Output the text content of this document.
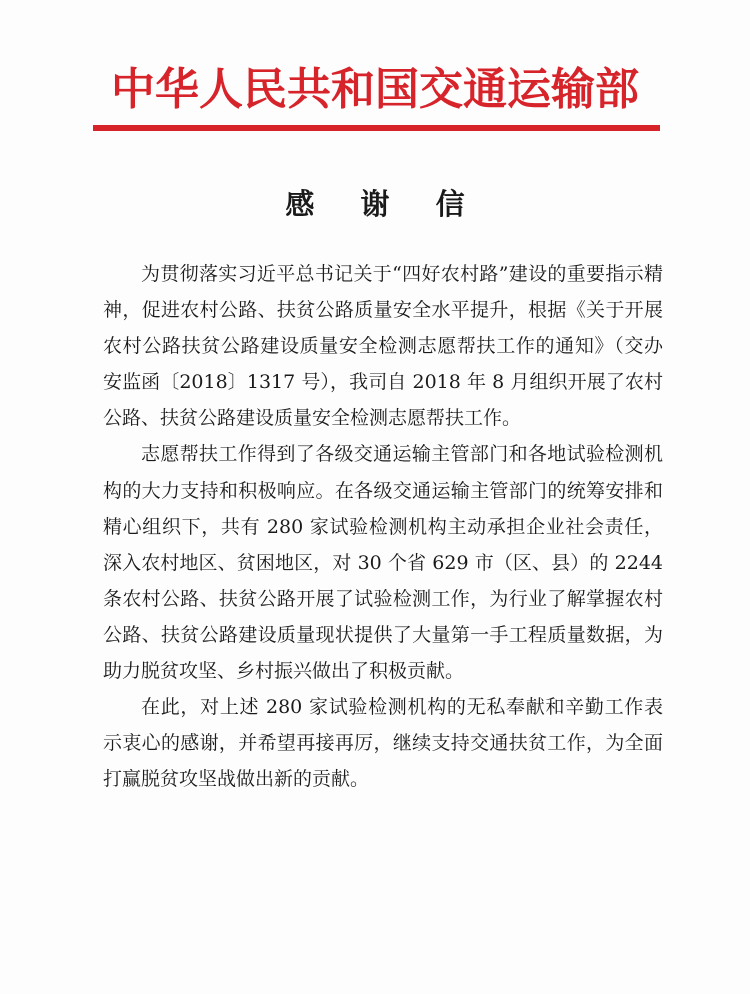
中华人民共和国交通运输部
感 谢 信

为贯彻落实习近平总书记关于“四好农村路”建设的重要指示精神，促进农村公路、扶贫公路质量安全水平提升，根据《关于开展农村公路扶贫公路建设质量安全检测志愿帮扶工作的通知》（交办安监函〔2018〕1317 号），我司自 2018 年 8 月组织开展了农村公路、扶贫公路建设质量安全检测志愿帮扶工作。

志愿帮扶工作得到了各级交通运输主管部门和各地试验检测机构的大力支持和积极响应。在各级交通运输主管部门的统筹安排和精心组织下，共有 280 家试验检测机构主动承担企业社会责任，深入农村地区、贫困地区，对 30 个省 629 市（区、县）的 2244 条农村公路、扶贫公路开展了试验检测工作，为行业了解掌握农村公路、扶贫公路建设质量现状提供了大量第一手工程质量数据，为助力脱贫攻坚、乡村振兴做出了积极贡献。

在此，对上述 280 家试验检测机构的无私奉献和辛勤工作表示衷心的感谢，并希望再接再厉，继续支持交通扶贫工作，为全面打赢脱贫攻坚战做出新的贡献。
